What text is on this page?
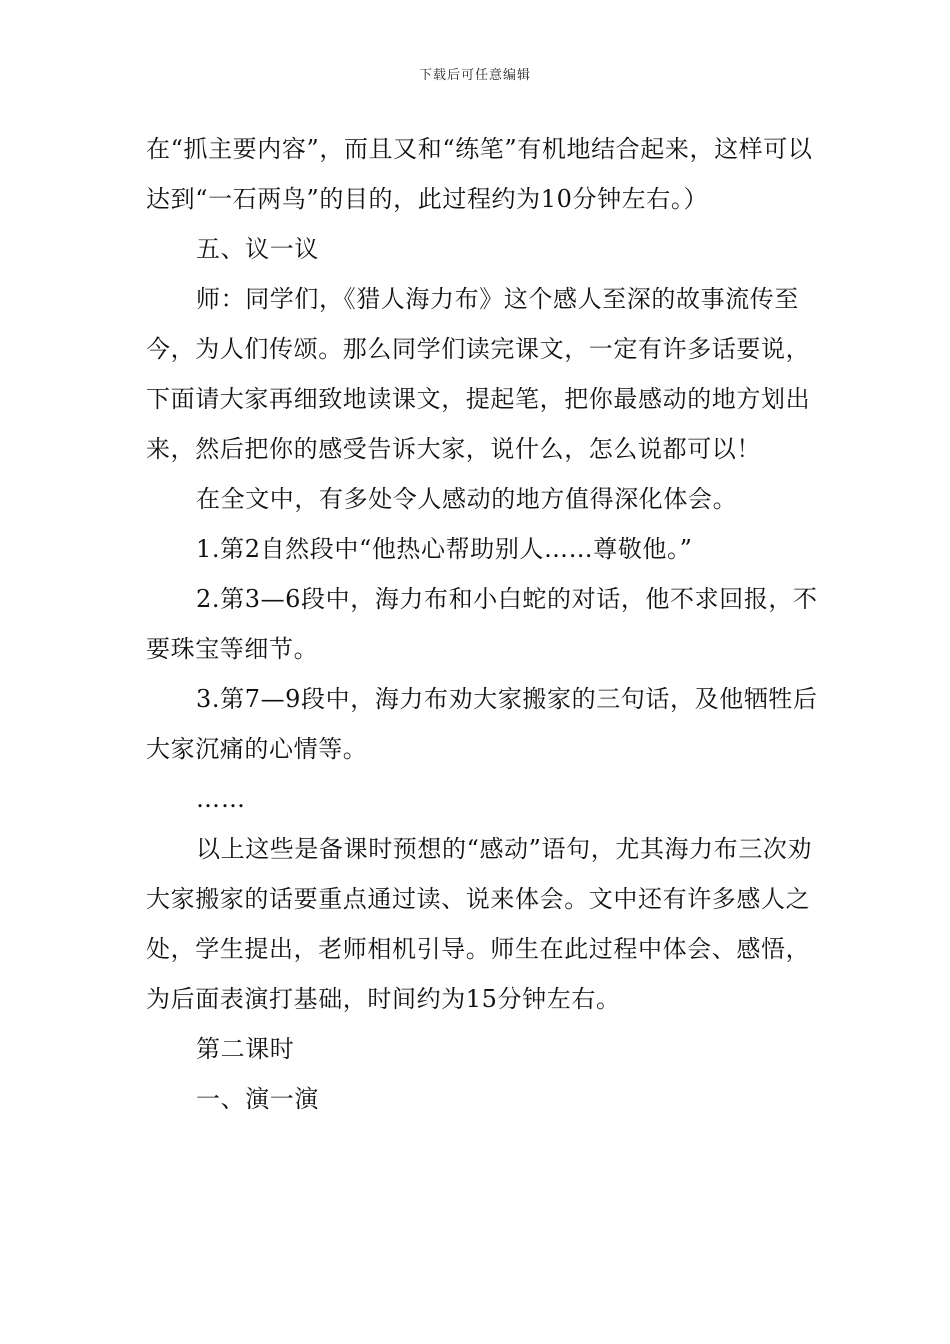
下载后可任意编辑

在“抓主要内容”，而且又和“练笔”有机地结合起来，这样可以达到“一石两鸟”的目的，此过程约为10分钟左右。）

五、议一议

师：同学们，《猎人海力布》这个感人至深的故事流传至今，为人们传颂。那么同学们读完课文，一定有许多话要说，下面请大家再细致地读课文，提起笔，把你最感动的地方划出来，然后把你的感受告诉大家，说什么，怎么说都可以！

在全文中，有多处令人感动的地方值得深化体会。

1.第2自然段中“他热心帮助别人……尊敬他。”

2.第3—6段中，海力布和小白蛇的对话，他不求回报，不要珠宝等细节。

3.第7—9段中，海力布劝大家搬家的三句话，及他牺牲后大家沉痛的心情等。

……

以上这些是备课时预想的“感动”语句，尤其海力布三次劝大家搬家的话要重点通过读、说来体会。文中还有许多感人之处，学生提出，老师相机引导。师生在此过程中体会、感悟，为后面表演打基础，时间约为15分钟左右。

第二课时

一、演一演
